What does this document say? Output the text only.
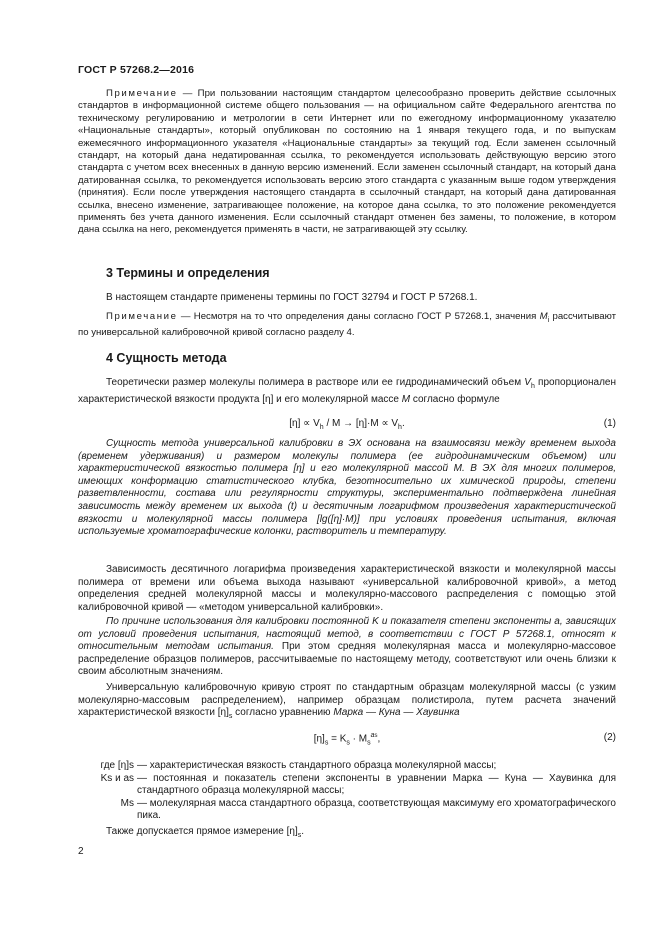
ГОСТ Р 57268.2—2016
Примечание — При пользовании настоящим стандартом целесообразно проверить действие ссылочных стандартов в информационной системе общего пользования — на официальном сайте Федерального агентства по техническому регулированию и метрологии в сети Интернет или по ежегодному информационному указателю «Национальные стандарты», который опубликован по состоянию на 1 января текущего года, и по выпускам ежемесячного информационного указателя «Национальные стандарты» за текущий год. Если заменен ссылочный стандарт, на который дана недатированная ссылка, то рекомендуется использовать действующую версию этого стандарта с учетом всех внесенных в данную версию изменений. Если заменен ссылочный стандарт, на который дана датированная ссылка, то рекомендуется использовать версию этого стандарта с указанным выше годом утверждения (принятия). Если после утверждения настоящего стандарта в ссылочный стандарт, на который дана датированная ссылка, внесено изменение, затрагивающее положение, на которое дана ссылка, то это положение рекомендуется применять без учета данного изменения. Если ссылочный стандарт отменен без замены, то положение, в котором дана ссылка на него, рекомендуется применять в части, не затрагивающей эту ссылку.
3 Термины и определения
В настоящем стандарте применены термины по ГОСТ 32794 и ГОСТ Р 57268.1.
Примечание — Несмотря на то что определения даны согласно ГОСТ Р 57268.1, значения $M_i$ рассчитывают по универсальной калибровочной кривой согласно разделу 4.
4 Сущность метода
Теоретически размер молекулы полимера в растворе или ее гидродинамический объем $V_h$ пропорционален характеристической вязкости продукта [η] и его молекулярной массе M согласно формуле
$[\eta] \propto V_h / M \to [\eta]\cdot M \propto V_h$.	(1)
Сущность метода универсальной калибровки в ЭХ основана на взаимосвязи между временем выхода (временем удерживания) и размером молекулы полимера (ее гидродинамическим объемом) или характеристической вязкостью полимера [η] и его молекулярной массой M. В ЭХ для многих полимеров, имеющих конформацию статистического клубка, безотносительно их химической природы, степени разветвленности, состава или регулярности структуры, экспериментально подтверждена линейная зависимость между временем их выхода (t) и десятичным логарифмом произведения характеристической вязкости и молекулярной массы полимера [lg([η]·M)] при условиях проведения испытания, включая используемые хроматографические колонки, растворитель и температуру.
Зависимость десятичного логарифма произведения характеристической вязкости и молекулярной массы полимера от времени или объема выхода называют «универсальной калибровочной кривой», а метод определения средней молекулярной массы и молекулярно-массового распределения с помощью этой калибровочной кривой — «методом универсальной калибровки».
По причине использования для калибровки постоянной K и показателя степени экспоненты a, зависящих от условий проведения испытания, настоящий метод, в соответствии с ГОСТ Р 57268.1, относят к относительным методам испытания. При этом средняя молекулярная масса и молекулярно-массовое распределение образцов полимеров, рассчитываемые по настоящему методу, соответствуют или очень близки к своим абсолютным значениям.
Универсальную калибровочную кривую строят по стандартным образцам молекулярной массы (с узким молекулярно-массовым распределением), например образцам полистирола, путем расчета значений характеристической вязкости $[\eta]_s$ согласно уравнению Марка — Куна — Хаувинка
$[\eta]_s = K_s \cdot M_s^{as}$,	(2)
где [η]s — характеристическая вязкость стандартного образца молекулярной массы;
Ks и as — постоянная и показатель степени экспоненты в уравнении Марка — Куна — Хаувинка для стандартного образца молекулярной массы;
Ms — молекулярная масса стандартного образца, соответствующая максимуму его хроматографического пика.
Также допускается прямое измерение $[\eta]_s$.
2
